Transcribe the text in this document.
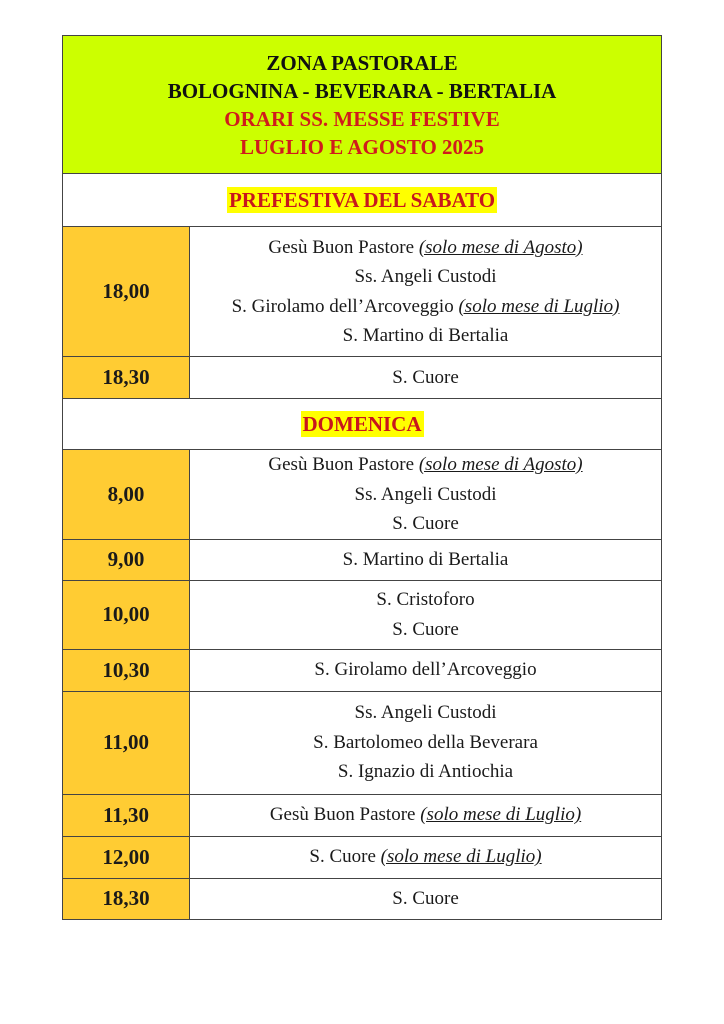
ZONA PASTORALE
BOLOGNINA - BEVERARA - BERTALIA
ORARI SS. MESSE FESTIVE
LUGLIO E AGOSTO 2025	

PREFESTIVA DEL SABATO	
18,00	Gesù Buon Pastore (solo mese di Agosto)
Ss. Angeli Custodi
S. Girolamo dell’Arcoveggio (solo mese di Luglio)
S. Martino di Bertalia

18,30	S. Cuore

DOMENICA	
8,00	Gesù Buon Pastore (solo mese di Agosto)
Ss. Angeli Custodi
S. Cuore

9,00	S. Martino di Bertalia

10,00	S. Cristoforo
S. Cuore

10,30	S. Girolamo dell’Arcoveggio

11,00	Ss. Angeli Custodi
S. Bartolomeo della Beverara
S. Ignazio di Antiochia

11,30	Gesù Buon Pastore (solo mese di Luglio)

12,00	S. Cuore (solo mese di Luglio)

18,30	S. Cuore
